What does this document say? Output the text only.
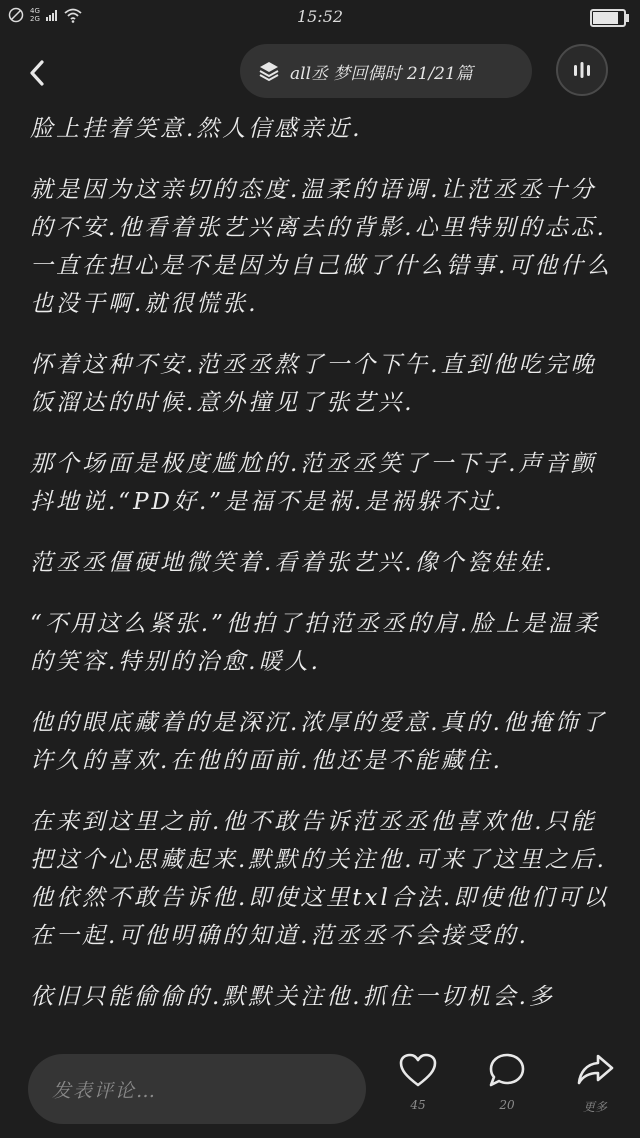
4G
2G	15:52
all丞 梦回偶时 21/21篇

脸上挂着笑意.然人信感亲近.

就是因为这亲切的态度.温柔的语调.让范丞丞十分的不安.他看着张艺兴离去的背影.心里特别的忐忑.一直在担心是不是因为自己做了什么错事.可他什么也没干啊.就很慌张.

怀着这种不安.范丞丞熬了一个下午.直到他吃完晚饭溜达的时候.意外撞见了张艺兴.

那个场面是极度尴尬的.范丞丞笑了一下子.声音颤抖地说.“PD好.”是福不是祸.是祸躲不过.

范丞丞僵硬地微笑着.看着张艺兴.像个瓷娃娃.

“不用这么紧张.”他拍了拍范丞丞的肩.脸上是温柔的笑容.特别的治愈.暖人.

他的眼底藏着的是深沉.浓厚的爱意.真的.他掩饰了许久的喜欢.在他的面前.他还是不能藏住.

在来到这里之前.他不敢告诉范丞丞他喜欢他.只能把这个心思藏起来.默默的关注他.可来了这里之后.他依然不敢告诉他.即使这里txl合法.即使他们可以在一起.可他明确的知道.范丞丞不会接受的.

依旧只能偷偷的.默默关注他.抓住一切机会.多

发表评论…
45	20	更多
